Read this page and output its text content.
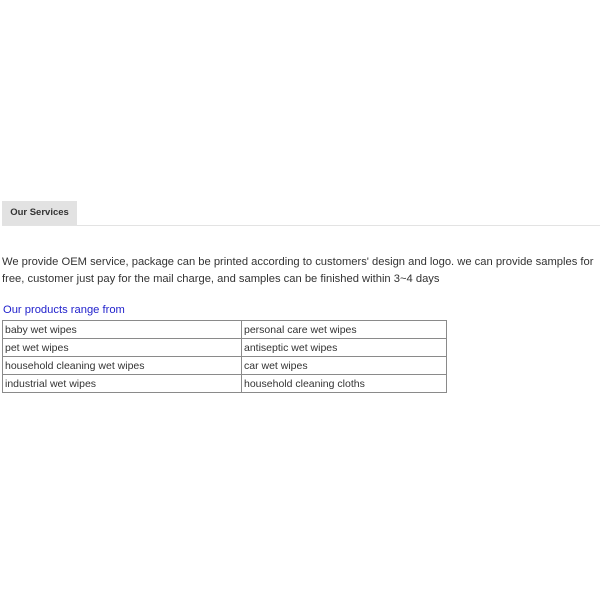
Our Services

We provide OEM service, package can be printed according to customers' design and logo. we can provide samples for free, customer just pay for the mail charge, and samples can be finished within 3~4 days

Our products range from

baby wet wipes	personal care wet wipes
pet wet wipes	antiseptic wet wipes
household cleaning wet wipes	car wet wipes
industrial wet wipes	household cleaning cloths
